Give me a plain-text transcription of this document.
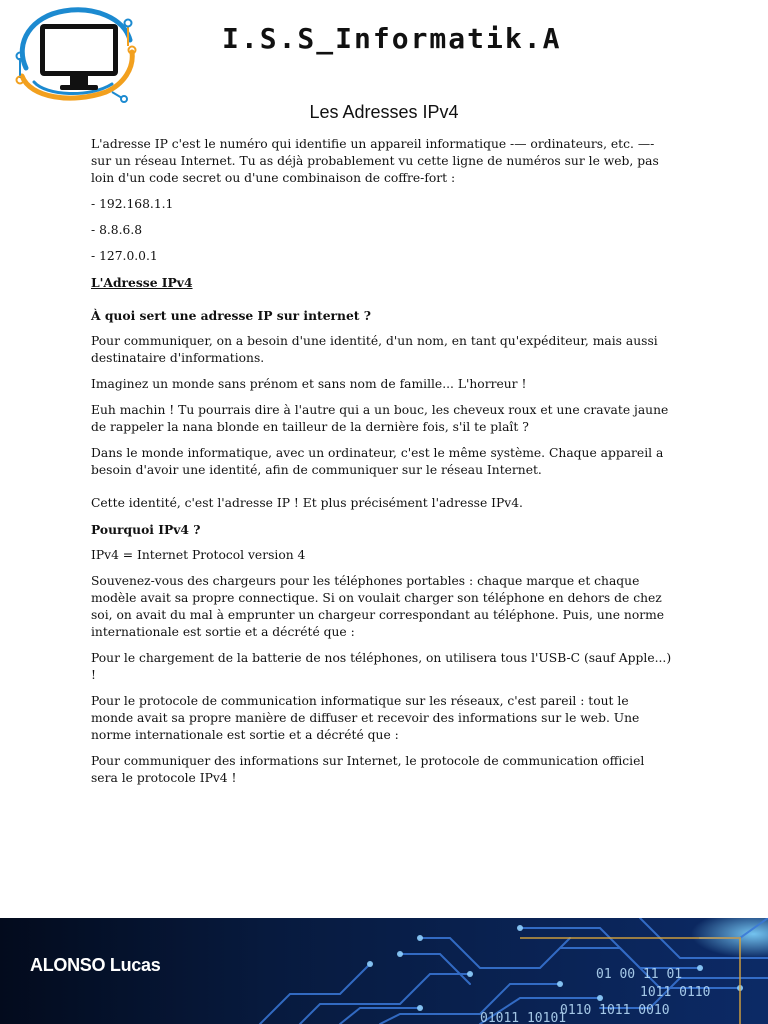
I.S.S_Informatik.A
Les Adresses IPv4

L'adresse IP c'est le numéro qui identifie un appareil informatique -— ordinateurs, etc. —- sur un réseau Internet. Tu as déjà probablement vu cette ligne de numéros sur le web, pas loin d'un code secret ou d'une combinaison de coffre-fort :

- 192.168.1.1

- 8.8.6.8

- 127.0.0.1

L'Adresse IPv4

À quoi sert une adresse IP sur internet ?

Pour communiquer, on a besoin d'une identité, d'un nom, en tant qu'expéditeur, mais aussi destinataire d'informations.

Imaginez un monde sans prénom et sans nom de famille... L'horreur !

Euh machin ! Tu pourrais dire à l'autre qui a un bouc, les cheveux roux et une cravate jaune de rappeler la nana blonde en tailleur de la dernière fois, s'il te plaît ?

Dans le monde informatique, avec un ordinateur, c'est le même système. Chaque appareil a besoin d'avoir une identité, afin de communiquer sur le réseau Internet.

Cette identité, c'est l'adresse IP ! Et plus précisément l'adresse IPv4.

Pourquoi IPv4 ?

IPv4 = Internet Protocol version 4

Souvenez-vous des chargeurs pour les téléphones portables : chaque marque et chaque modèle avait sa propre connectique. Si on voulait charger son téléphone en dehors de chez soi, on avait du mal à emprunter un chargeur correspondant au téléphone. Puis, une norme internationale est sortie et a décrété que :

Pour le chargement de la batterie de nos téléphones, on utilisera tous l'USB-C (sauf Apple...) !

Pour le protocole de communication informatique sur les réseaux, c'est pareil : tout le monde avait sa propre manière de diffuser et recevoir des informations sur le web. Une norme internationale est sortie et a décrété que :

Pour communiquer des informations sur Internet, le protocole de communication officiel sera le protocole IPv4 !

01 00 11 01
1011 0110
0110 1011 0010
01011 10101
ALONSO Lucas
